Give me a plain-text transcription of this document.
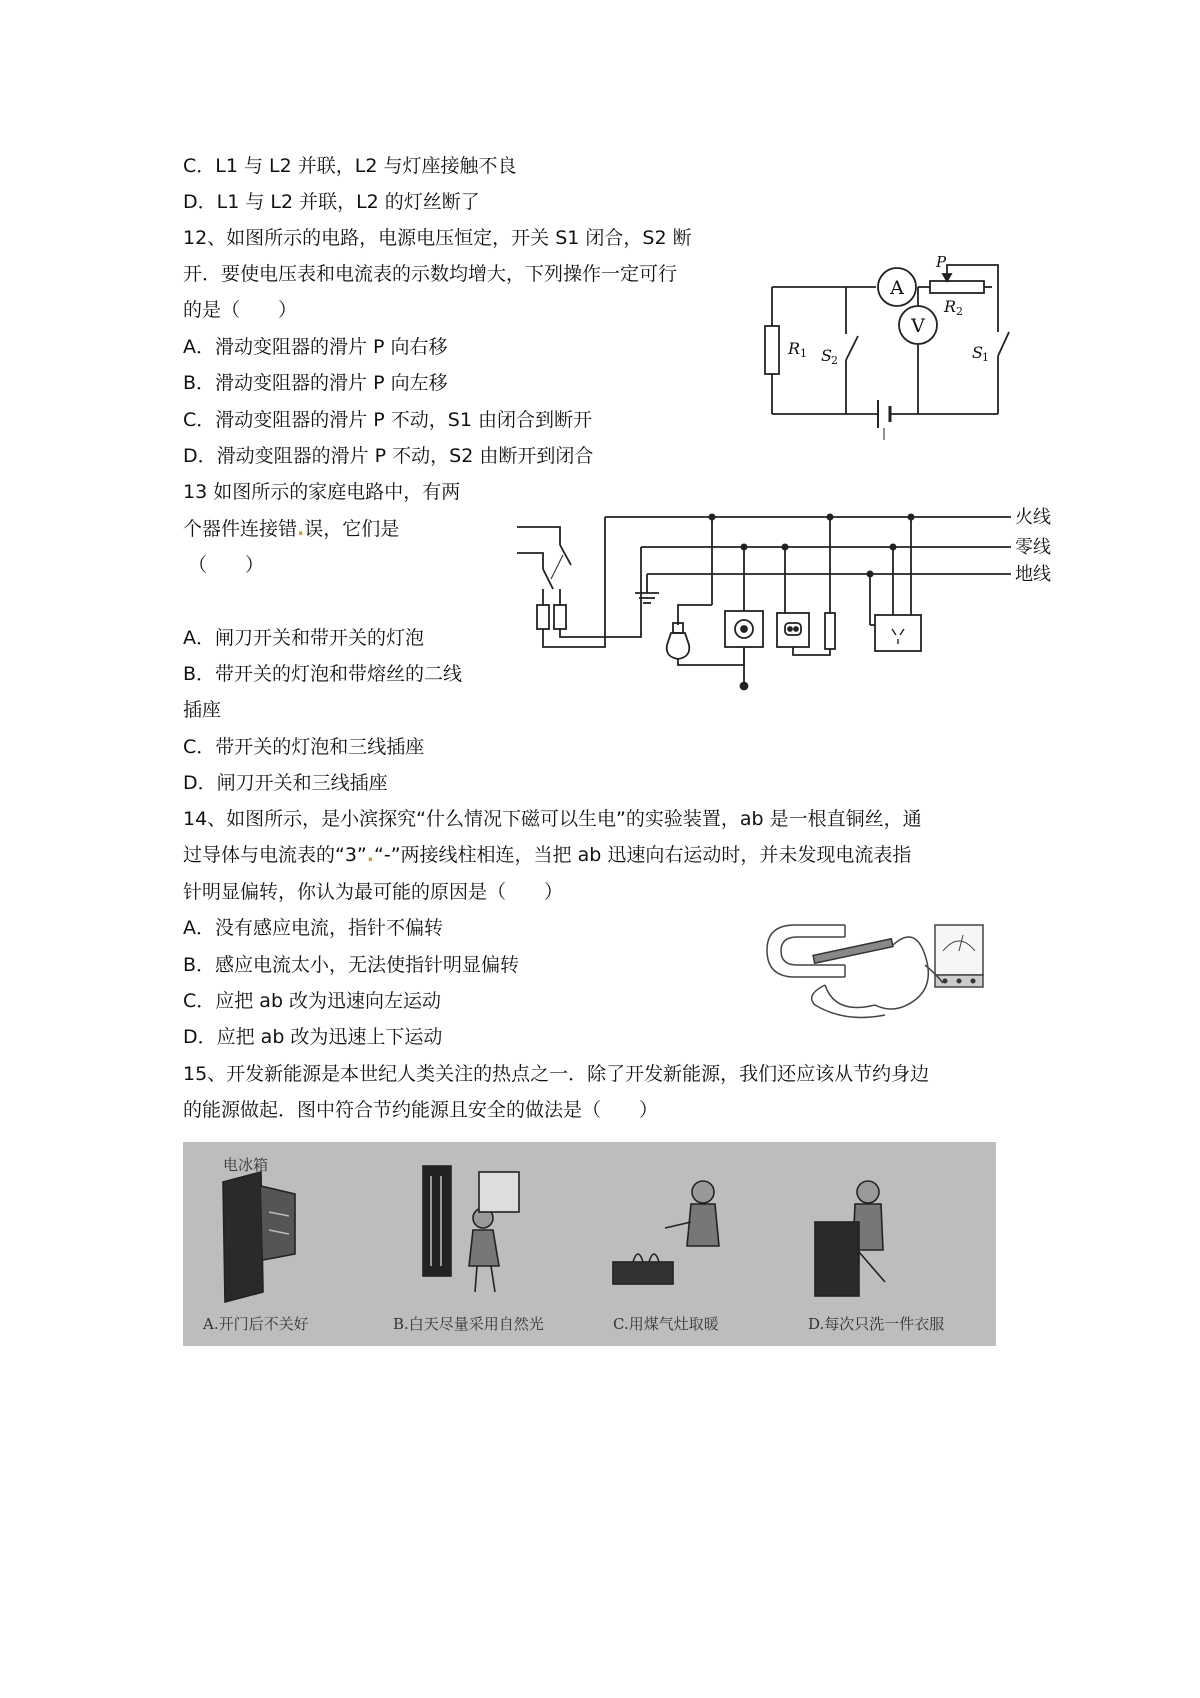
C．L1 与 L2 并联，L2 与灯座接触不良
D．L1 与 L2 并联，L2 的灯丝断了
12、如图所示的电路，电源电压恒定，开关 S1 闭合，S2 断
开．要使电压表和电流表的示数均增大，下列操作一定可行
的是（　　）
A．滑动变阻器的滑片 P 向右移
B．滑动变阻器的滑片 P 向左移
C．滑动变阻器的滑片 P 不动，S1 由闭合到断开
D．滑动变阻器的滑片 P 不动，S2 由断开到闭合
13 如图所示的家庭电路中，有两
个器件连接错.误，它们是
（　　）
A．闸刀开关和带开关的灯泡
B．带开关的灯泡和带熔丝的二线
插座
C．带开关的灯泡和三线插座
D．闸刀开关和三线插座
14、如图所示，是小滨探究“什么情况下磁可以生电”的实验装置，ab 是一根直铜丝，通
过导体与电流表的“3”.“-”两接线柱相连，当把 ab 迅速向右运动时，并未发现电流表指
针明显偏转，你认为最可能的原因是（　　）
A．没有感应电流，指针不偏转
B．感应电流太小，无法使指针明显偏转
C．应把 ab 改为迅速向左运动
D．应把 ab 改为迅速上下运动
15、开发新能源是本世纪人类关注的热点之一．除了开发新能源，我们还应该从节约身边
的能源做起．图中符合节约能源且安全的做法是（　　）
A
V
P
R 2
R 1 S 2	S 1
火线
零线
地线
电冰箱
A.开门后不关好	B.白天尽量采用自然光	C.用煤气灶取暖	D.每次只洗一件衣服
